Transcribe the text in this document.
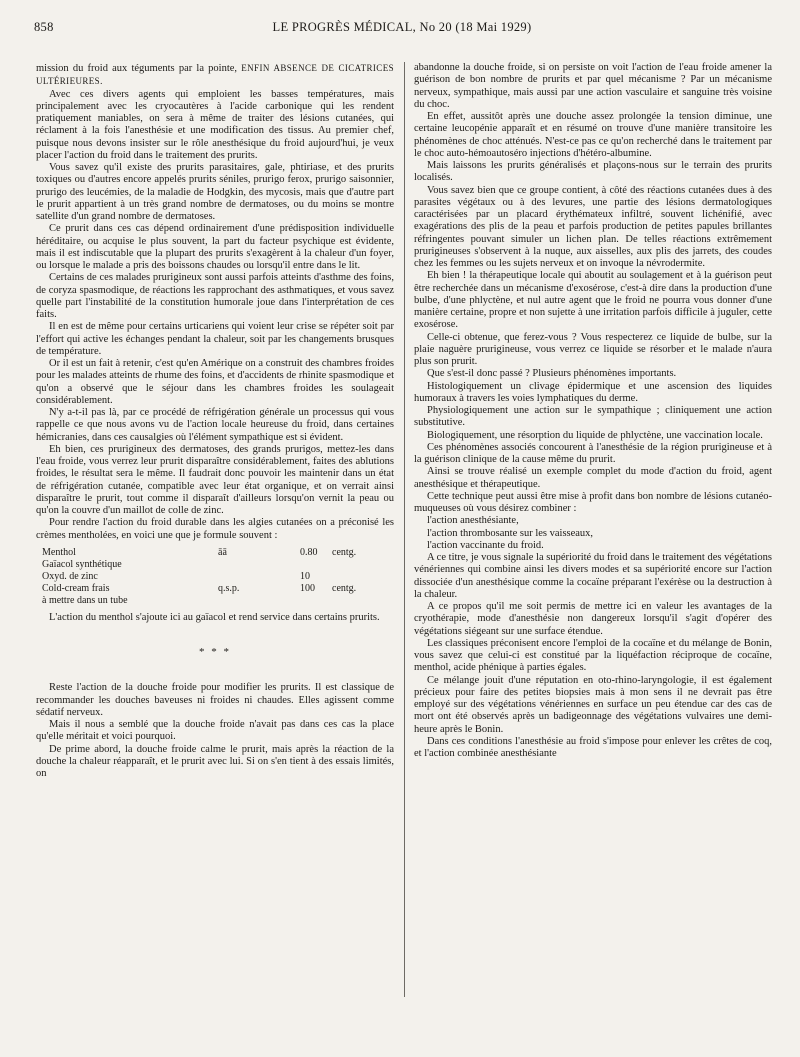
858	LE PROGRÈS MÉDICAL, No 20 (18 Mai 1929)

mission du froid aux téguments par la pointe, ENFIN ABSENCE DE CICATRICES ULTÉRIEURES.

Avec ces divers agents qui emploient les basses températures, mais principalement avec les cryocautères à l'acide carbonique qui les rendent pratiquement maniables, on sera à même de traiter des lésions cutanées, qui réclament à la fois l'anesthésie et une modification des tissus. Au premier chef, puisque nous devons insister sur le rôle anesthésique du froid aujourd'hui, je veux placer l'action du froid dans le traitement des prurits.

Vous savez qu'il existe des prurits parasitaires, gale, phtiriase, et des prurits toxiques ou d'autres encore appelés prurits séniles, prurigo ferox, prurigo saisonnier, prurigo des leucémies, de la maladie de Hodgkin, des mycosis, mais que d'autre part le prurit appartient à un très grand nombre de dermatoses, ou du moins se montre satellite d'un grand nombre de dermatoses.

Ce prurit dans ces cas dépend ordinairement d'une prédisposition individuelle héréditaire, ou acquise le plus souvent, la part du facteur psychique est évidente, mais il est indiscutable que la plupart des prurits s'exagèrent à la chaleur d'un foyer, ou lorsque le malade a pris des boissons chaudes ou lorsqu'il entre dans le lit.

Certains de ces malades prurigineux sont aussi parfois atteints d'asthme des foins, de coryza spasmodique, de réactions les rapprochant des asthmatiques, et vous savez quelle part l'instabilité de la constitution humorale joue dans l'interprétation de ces faits.

Il en est de même pour certains urticariens qui voient leur crise se répéter soit par l'effort qui active les échanges pendant la chaleur, soit par les changements brusques de température.

Or il est un fait à retenir, c'est qu'en Amérique on a construit des chambres froides pour les malades atteints de rhume des foins, et d'accidents de rhinite spasmodique et qu'on a observé que le séjour dans les chambres froides les soulageait considérablement.

N'y a-t-il pas là, par ce procédé de réfrigération générale un processus qui vous rappelle ce que nous avons vu de l'action locale heureuse du froid, dans certaines hémicranies, dans ces causalgies où l'élément sympathique est si évident.

Eh bien, ces prurigineux des dermatoses, des grands prurigos, mettez-les dans l'eau froide, vous verrez leur prurit disparaître considérablement, faites des ablutions froides, le résultat sera le même. Il faudrait donc pouvoir les maintenir dans un état de réfrigération cutanée, compatible avec leur état organique, et on verrait ainsi disparaître le prurit, tout comme il disparaît d'ailleurs lorsqu'on vernit la peau ou qu'on la couvre d'un maillot de colle de zinc.

Pour rendre l'action du froid durable dans les algies cutanées on a préconisé les crèmes mentholées, en voici une que je formule souvent :

Menthol	āā	0.80 centg.
Gaïacol synthétique
Oxyd. de zinc	10
Cold-cream frais	q.s.p.	100 centg.
à mettre dans un tube

L'action du menthol s'ajoute ici au gaïacol et rend service dans certains prurits.

* * *

Reste l'action de la douche froide pour modifier les prurits. Il est classique de recommander les douches baveuses ni froides ni chaudes. Elles agissent comme sédatif nerveux.

Mais il nous a semblé que la douche froide n'avait pas dans ces cas la place qu'elle méritait et voici pourquoi.

De prime abord, la douche froide calme le prurit, mais après la réaction de la douche la chaleur réapparaît, et le prurit avec lui. Si on s'en tient à des essais limités, on

abandonne la douche froide, si on persiste on voit l'action de l'eau froide amener la guérison de bon nombre de prurits et par quel mécanisme ? Par un mécanisme nerveux, sympathique, mais aussi par une action vasculaire et sanguine très voisine du choc.

En effet, aussitôt après une douche assez prolongée la tension diminue, une certaine leucopénie apparaît et en résumé on trouve d'une manière transitoire les phénomènes de choc atténués. N'est-ce pas ce qu'on recherché dans le traitement par le choc auto-hémoautoséro injections d'hétéro-albumine.

Mais laissons les prurits généralisés et plaçons-nous sur le terrain des prurits localisés.

Vous savez bien que ce groupe contient, à côté des réactions cutanées dues à des parasites végétaux ou à des levures, une partie des lésions dermatologiques caractérisées par un placard érythémateux infiltré, souvent lichénifié, avec exagérations des plis de la peau et parfois production de petites papules brillantes réfringentes pouvant simuler un lichen plan. De telles réactions extrêmement prurigineuses s'observent à la nuque, aux aisselles, aux plis des jarrets, des coudes chez les femmes ou les sujets nerveux et on invoque la névrodermite.

Eh bien ! la thérapeutique locale qui aboutit au soulagement et à la guérison peut être recherchée dans un mécanisme d'exosérose, c'est-à dire dans la production d'une bulbe, d'une phlyctène, et nul autre agent que le froid ne pourra vous donner d'une manière certaine, propre et non sujette à une irritation parfois difficile à juguler, cette exosérose.

Celle-ci obtenue, que ferez-vous ? Vous respecterez ce liquide de bulbe, sur la plaie naguère prurigineuse, vous verrez ce liquide se résorber et le malade n'aura plus son prurit.

Que s'est-il donc passé ? Plusieurs phénomènes importants.

Histologiquement un clivage épidermique et une ascension des liquides humoraux à travers les voies lymphatiques du derme.

Physiologiquement une action sur le sympathique ; cliniquement une action substitutive.

Biologiquement, une résorption du liquide de phlyctène, une vaccination locale.

Ces phénomènes associés concourent à l'anesthésie de la région prurigineuse et à la guérison clinique de la cause même du prurit.

Ainsi se trouve réalisé un exemple complet du mode d'action du froid, agent anesthésique et thérapeutique.

Cette technique peut aussi être mise à profit dans bon nombre de lésions cutanéo-muqueuses où vous désirez combiner :

l'action anesthésiante,

l'action thrombosante sur les vaisseaux,

l'action vaccinante du froid.

A ce titre, je vous signale la supériorité du froid dans le traitement des végétations vénériennes qui combine ainsi les divers modes et sa supériorité encore sur l'action dissociée d'un anesthésique comme la cocaïne préparant l'exérèse ou la destruction à la chaleur.

A ce propos qu'il me soit permis de mettre ici en valeur les avantages de la cryothérapie, mode d'anesthésie non dangereux lorsqu'il s'agit d'opérer des végétations siégeant sur une surface étendue.

Les classiques préconisent encore l'emploi de la cocaïne et du mélange de Bonin, vous savez que celui-ci est constitué par la liquéfaction réciproque de cocaïne, menthol, acide phénique à parties égales.

Ce mélange jouit d'une réputation en oto-rhino-laryngologie, il est également précieux pour faire des petites biopsies mais à mon sens il ne devrait pas être employé sur des végétations vénériennes en surface un peu étendue car des cas de mort ont été observés après un badigeonnage des végétations vulvaires une demi-heure après le Bonin.

Dans ces conditions l'anesthésie au froid s'impose pour enlever les crêtes de coq, et l'action combinée anesthésiante
